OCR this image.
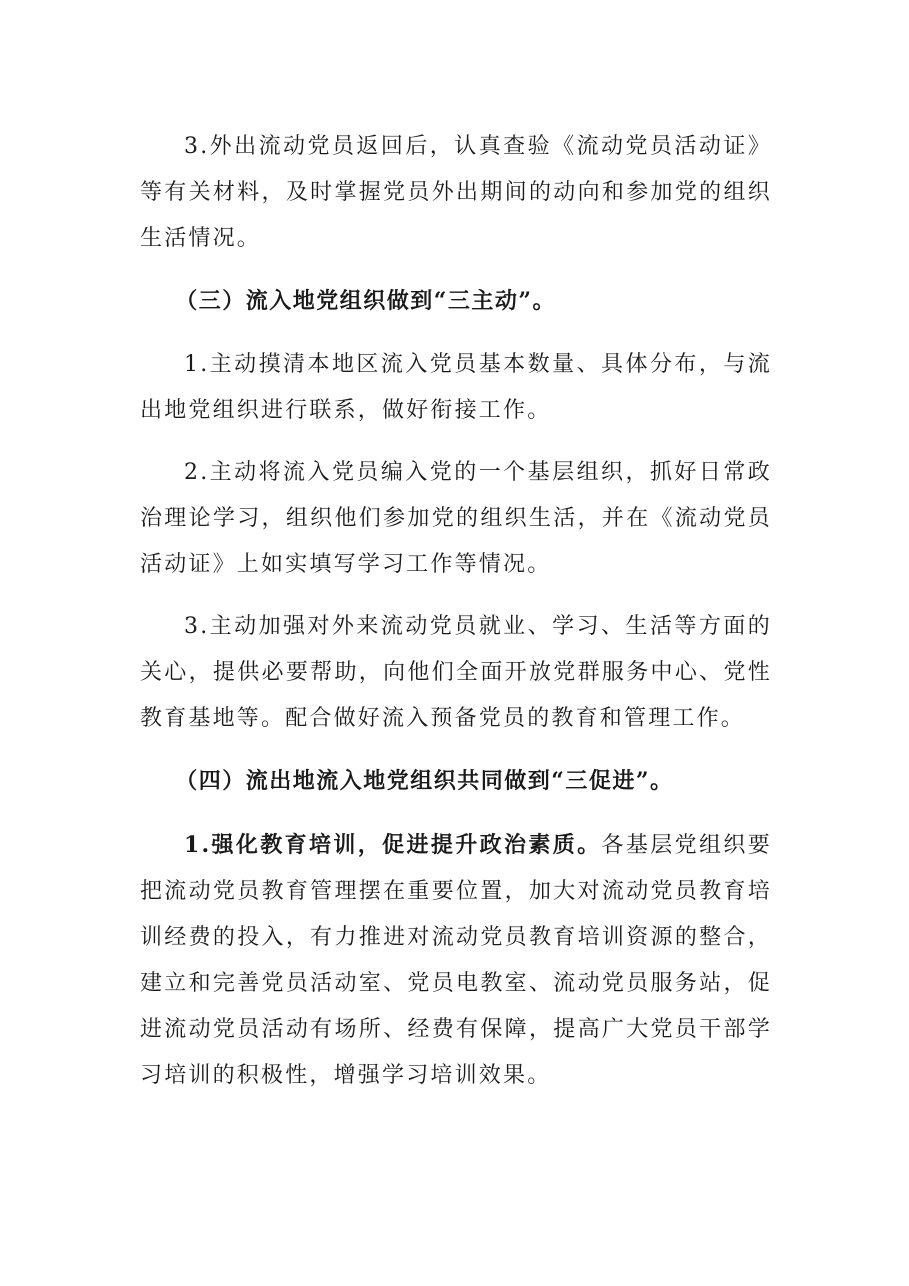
3.外出流动党员返回后，认真查验《流动党员活动证》等有关材料，及时掌握党员外出期间的动向和参加党的组织生活情况。

（三）流入地党组织做到“三主动”。

1.主动摸清本地区流入党员基本数量、具体分布，与流出地党组织进行联系，做好衔接工作。

2.主动将流入党员编入党的一个基层组织，抓好日常政治理论学习，组织他们参加党的组织生活，并在《流动党员活动证》上如实填写学习工作等情况。

3.主动加强对外来流动党员就业、学习、生活等方面的关心，提供必要帮助，向他们全面开放党群服务中心、党性教育基地等。配合做好流入预备党员的教育和管理工作。

（四）流出地流入地党组织共同做到“三促进”。

1.强化教育培训，促进提升政治素质。各基层党组织要把流动党员教育管理摆在重要位置，加大对流动党员教育培训经费的投入，有力推进对流动党员教育培训资源的整合，建立和完善党员活动室、党员电教室、流动党员服务站，促进流动党员活动有场所、经费有保障，提高广大党员干部学习培训的积极性，增强学习培训效果。
